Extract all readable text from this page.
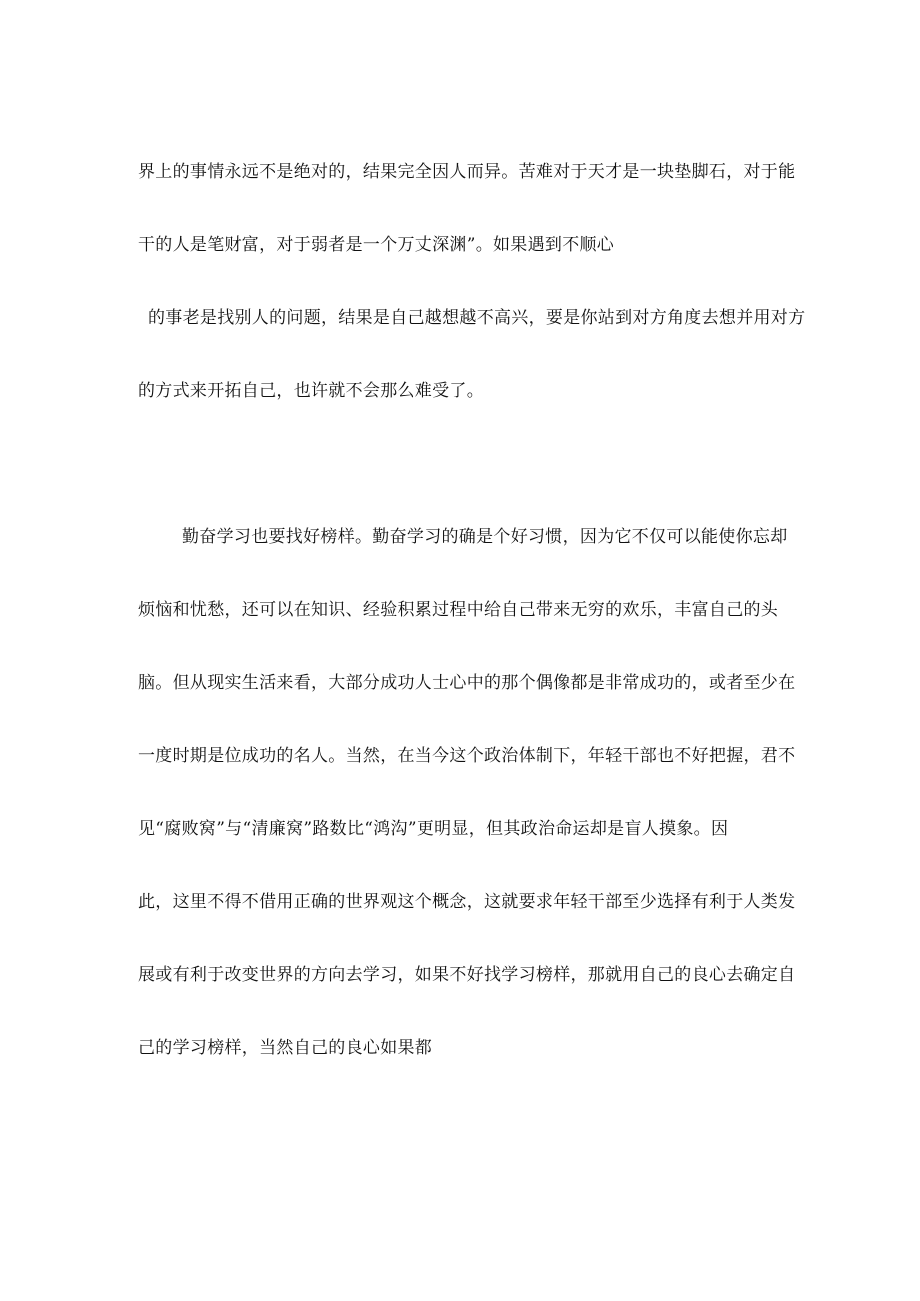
界上的事情永远不是绝对的，结果完全因人而异。苦难对于天才是一块垫脚石，对于能
干的人是笔财富，对于弱者是一个万丈深渊”。如果遇到不顺心
的事老是找别人的问题，结果是自己越想越不高兴，要是你站到对方角度去想并用对方
的方式来开拓自己，也许就不会那么难受了。
勤奋学习也要找好榜样。勤奋学习的确是个好习惯，因为它不仅可以能使你忘却
烦恼和忧愁，还可以在知识、经验积累过程中给自己带来无穷的欢乐，丰富自己的头
脑。但从现实生活来看，大部分成功人士心中的那个偶像都是非常成功的，或者至少在
一度时期是位成功的名人。当然，在当今这个政治体制下，年轻干部也不好把握，君不
见“腐败窝”与“清廉窝”路数比“鸿沟”更明显，但其政治命运却是盲人摸象。因
此，这里不得不借用正确的世界观这个概念，这就要求年轻干部至少选择有利于人类发
展或有利于改变世界的方向去学习，如果不好找学习榜样，那就用自己的良心去确定自
己的学习榜样，当然自己的良心如果都
